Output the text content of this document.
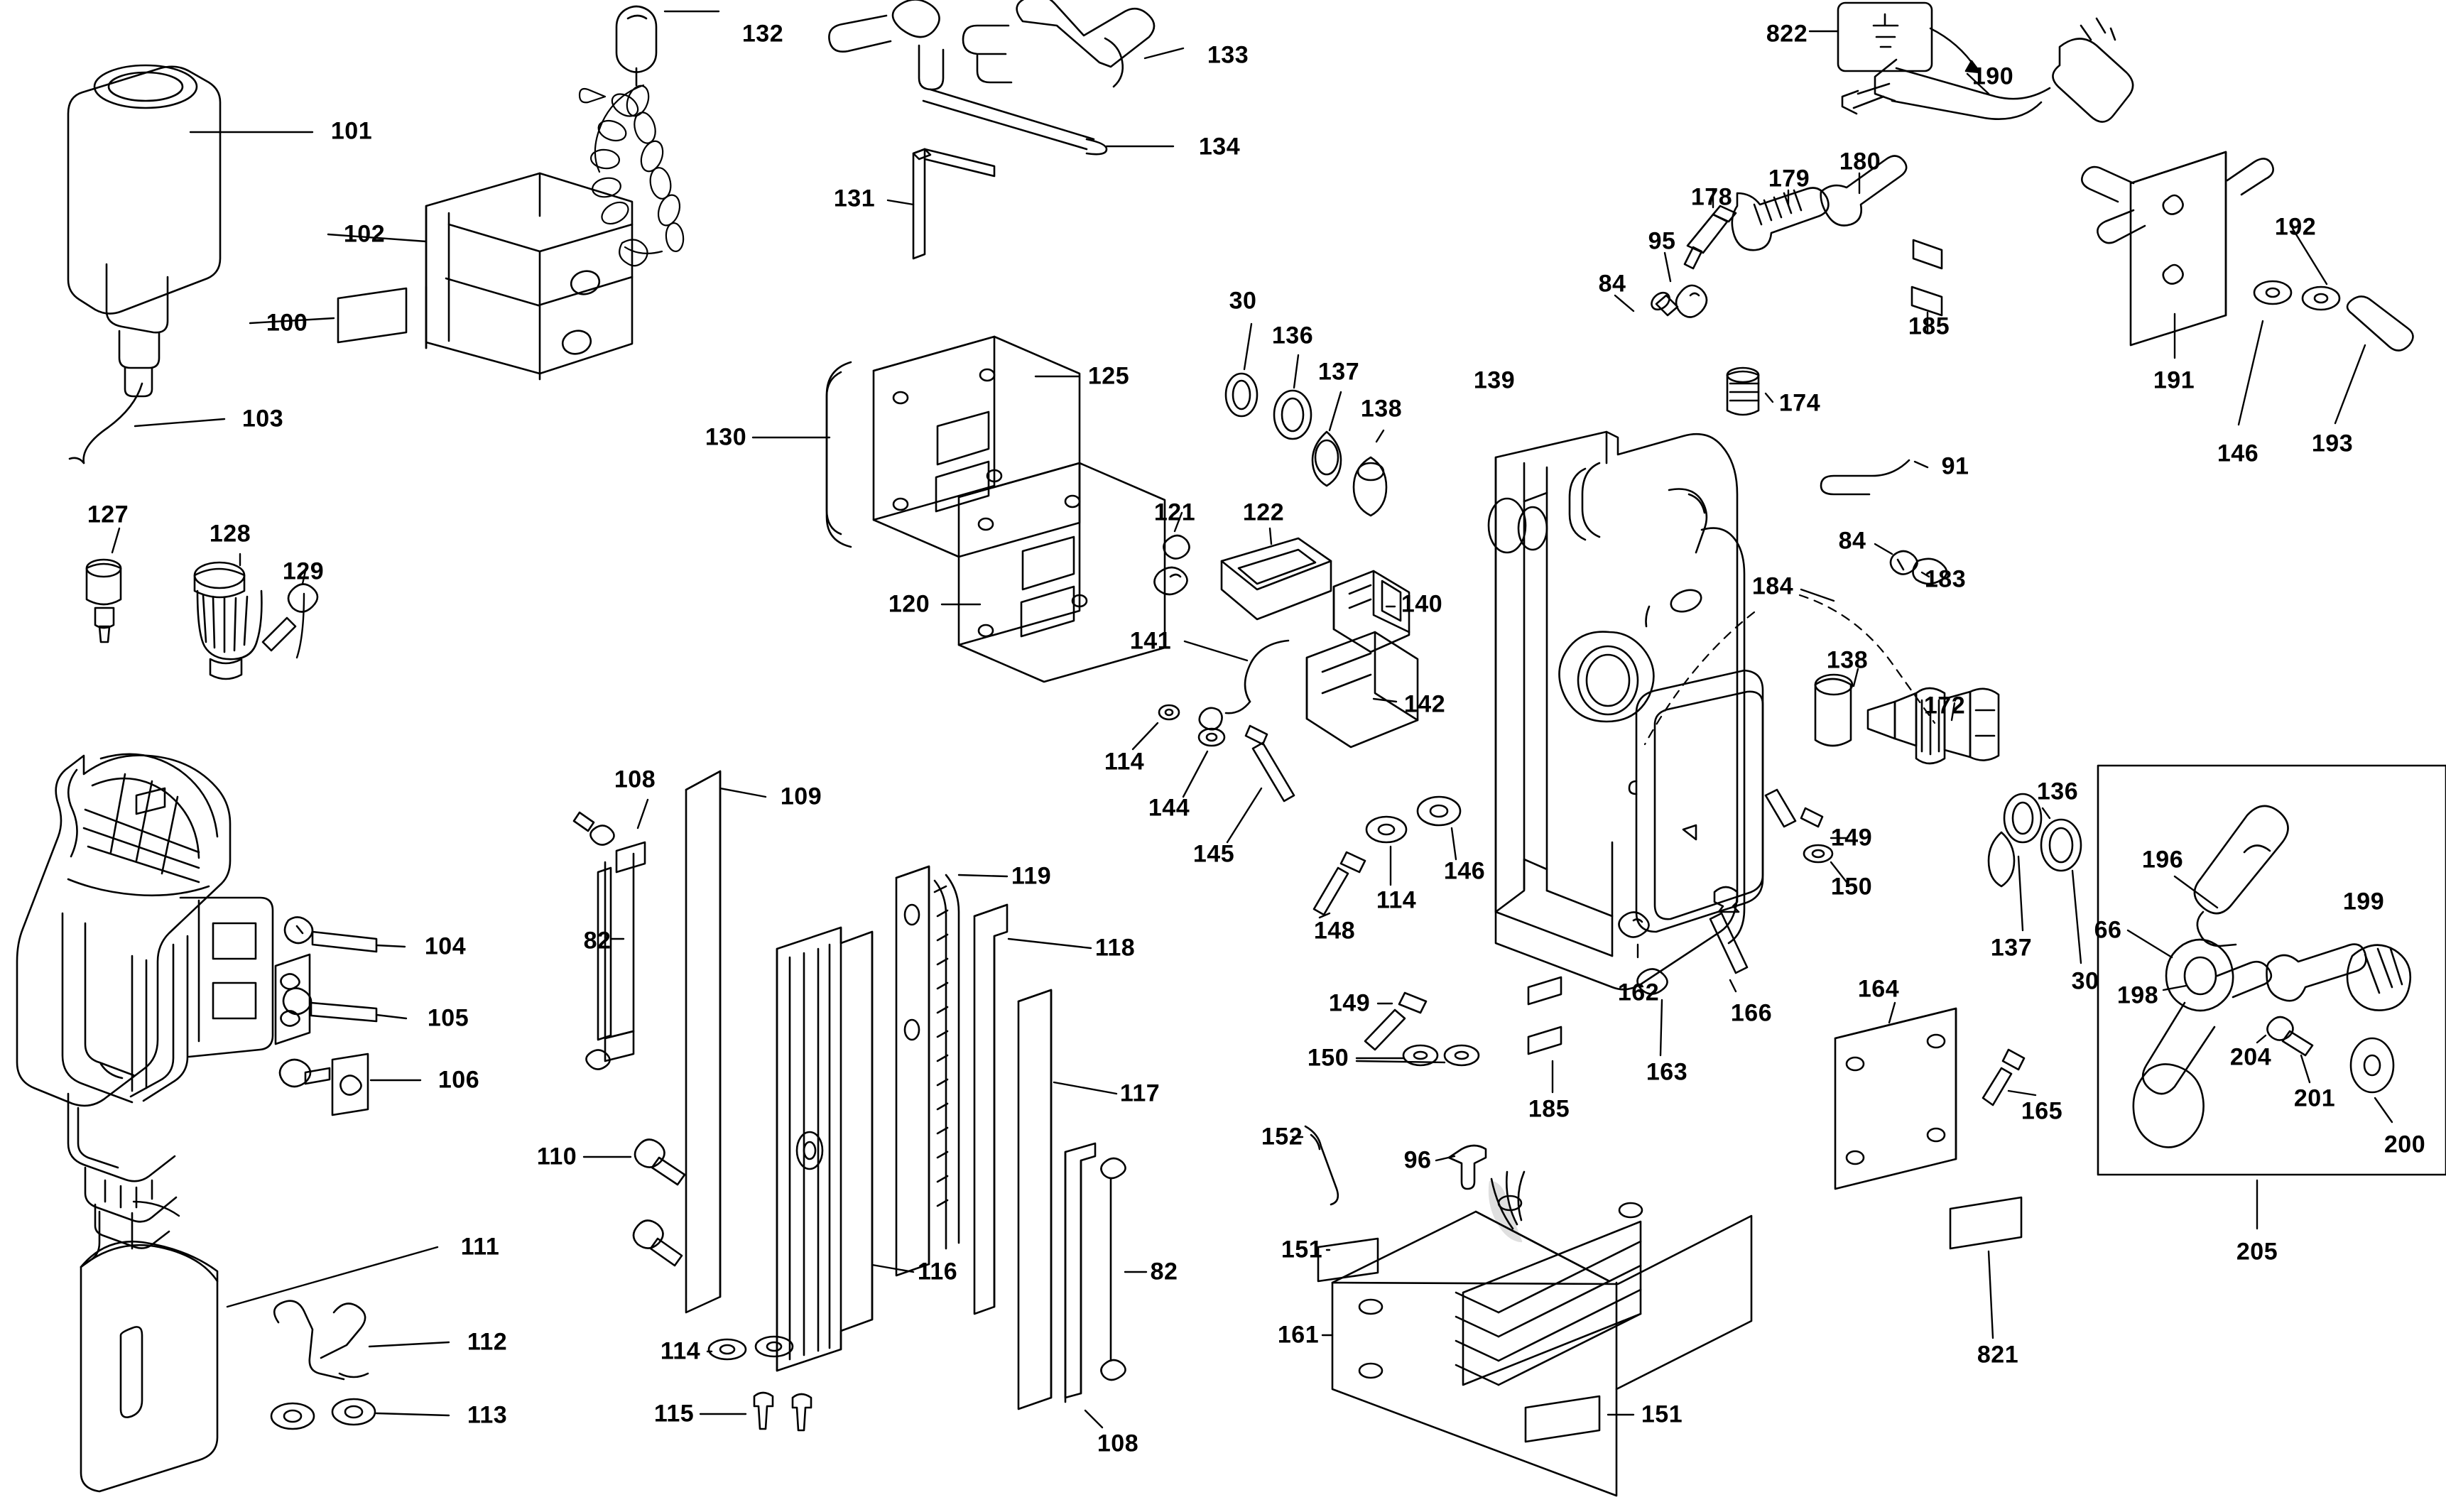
101
102
100
103
132
133
134
131
822
190
178
179
180
95
84
185
192
191
146 193
125
130
120
30
136
137
138
139
174
91
84
183
184
121 122
140
141
142
114
144
145
138
172
136
137
30
149
150
148
114
146
166
162
163
185
149
150
152
96
151
161
151
164
165
821
196
66
198
199
204
201
200
205
127
128
129
104
105
106
111
112
113
108
109
82
110
114
115
116
119
118
117
82
108
